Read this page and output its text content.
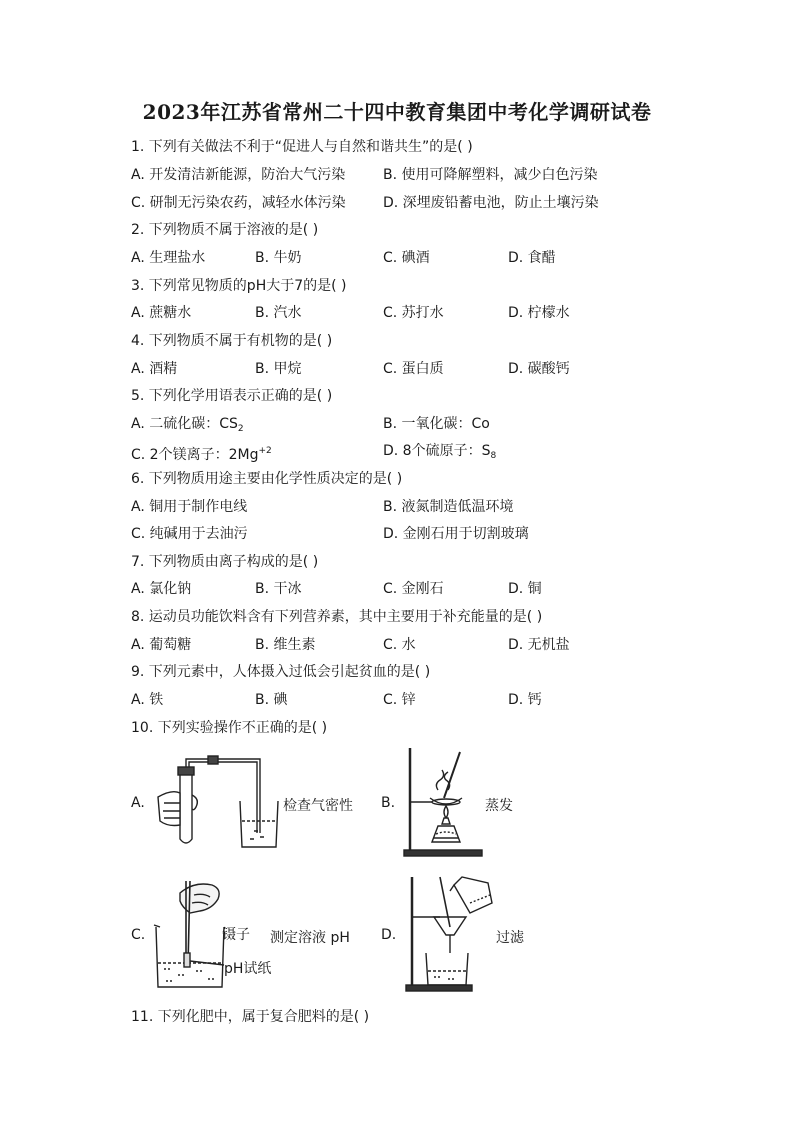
2023年江苏省常州二十四中教育集团中考化学调研试卷
1. 下列有关做法不利于“促进人与自然和谐共生”的是( )
A. 开发清洁新能源，防治大气污染	B. 使用可降解塑料，减少白色污染
C. 研制无污染农药，减轻水体污染	D. 深埋废铅蓄电池，防止土壤污染
2. 下列物质不属于溶液的是( )
A. 生理盐水	B. 牛奶	C. 碘酒	D. 食醋
3. 下列常见物质的pH大于7的是( )
A. 蔗糖水	B. 汽水	C. 苏打水	D. 柠檬水
4. 下列物质不属于有机物的是( )
A. 酒精	B. 甲烷	C. 蛋白质	D. 碳酸钙
5. 下列化学用语表示正确的是( )
A. 二硫化碳：$CS_2$	B. 一氧化碳：Co
C. 2个镁离子：$2Mg^{+2}$	D. 8个硫原子：$S_8$
6. 下列物质用途主要由化学性质决定的是( )
A. 铜用于制作电线	B. 液氮制造低温环境
C. 纯碱用于去油污	D. 金刚石用于切割玻璃
7. 下列物质由离子构成的是( )
A. 氯化钠	B. 干冰	C. 金刚石	D. 铜
8. 运动员功能饮料含有下列营养素，其中主要用于补充能量的是( )
A. 葡萄糖	B. 维生素	C. 水	D. 无机盐
9. 下列元素中，人体摄入过低会引起贫血的是( )
A. 铁	B. 碘	C. 锌	D. 钙
10. 下列实验操作不正确的是( )
A.	检查气密性 B.	蒸发
C.	镊子 测定溶液 pH
pH试纸
D.	过滤
11. 下列化肥中，属于复合肥料的是( )
